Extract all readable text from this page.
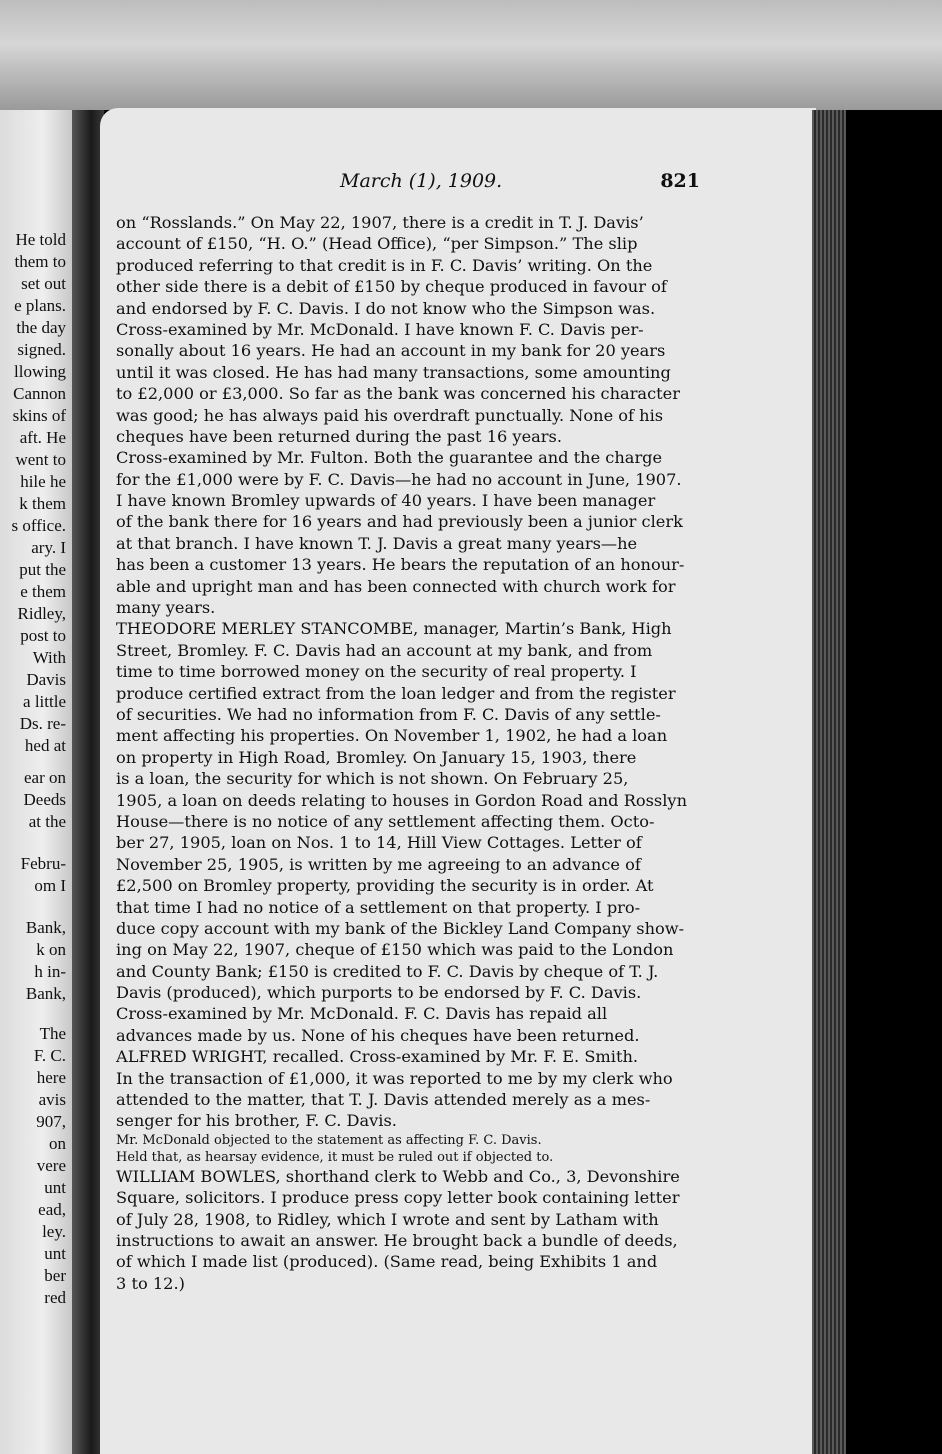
He told
them to
set out
e plans.
the day
signed.
llowing
Cannon
skins of
aft. He
went to
hile he
k them
s office.
ary. I
put the
e them
Ridley,
post to
With
Davis
a little
Ds. re-
hed at
ear on
Deeds
at the
Febru-
om I
Bank,
k on
h in-
Bank,
The
F. C.
here
avis
907,
on
vere
unt
ead,
ley.
unt
ber
red
March (1), 1909.	821
on “Rosslands.” On May 22, 1907, there is a credit in T. J. Davis’
account of £150, “H. O.” (Head Office), “per Simpson.” The slip
produced referring to that credit is in F. C. Davis’ writing. On the
other side there is a debit of £150 by cheque produced in favour of
and endorsed by F. C. Davis. I do not know who the Simpson was.
Cross-examined by Mr. McDonald. I have known F. C. Davis per-
sonally about 16 years. He had an account in my bank for 20 years
until it was closed. He has had many transactions, some amounting
to £2,000 or £3,000. So far as the bank was concerned his character
was good; he has always paid his overdraft punctually. None of his
cheques have been returned during the past 16 years.
Cross-examined by Mr. Fulton. Both the guarantee and the charge
for the £1,000 were by F. C. Davis—he had no account in June, 1907.
I have known Bromley upwards of 40 years. I have been manager
of the bank there for 16 years and had previously been a junior clerk
at that branch. I have known T. J. Davis a great many years—he
has been a customer 13 years. He bears the reputation of an honour-
able and upright man and has been connected with church work for
many years.
THEODORE MERLEY STANCOMBE, manager, Martin’s Bank, High
Street, Bromley. F. C. Davis had an account at my bank, and from
time to time borrowed money on the security of real property. I
produce certified extract from the loan ledger and from the register
of securities. We had no information from F. C. Davis of any settle-
ment affecting his properties. On November 1, 1902, he had a loan
on property in High Road, Bromley. On January 15, 1903, there
is a loan, the security for which is not shown. On February 25,
1905, a loan on deeds relating to houses in Gordon Road and Rosslyn
House—there is no notice of any settlement affecting them. Octo-
ber 27, 1905, loan on Nos. 1 to 14, Hill View Cottages. Letter of
November 25, 1905, is written by me agreeing to an advance of
£2,500 on Bromley property, providing the security is in order. At
that time I had no notice of a settlement on that property. I pro-
duce copy account with my bank of the Bickley Land Company show-
ing on May 22, 1907, cheque of £150 which was paid to the London
and County Bank; £150 is credited to F. C. Davis by cheque of T. J.
Davis (produced), which purports to be endorsed by F. C. Davis.
Cross-examined by Mr. McDonald. F. C. Davis has repaid all
advances made by us. None of his cheques have been returned.
ALFRED WRIGHT, recalled. Cross-examined by Mr. F. E. Smith.
In the transaction of £1,000, it was reported to me by my clerk who
attended to the matter, that T. J. Davis attended merely as a mes-
senger for his brother, F. C. Davis.
Mr. McDonald objected to the statement as affecting F. C. Davis.
Held that, as hearsay evidence, it must be ruled out if objected to.
WILLIAM BOWLES, shorthand clerk to Webb and Co., 3, Devonshire
Square, solicitors. I produce press copy letter book containing letter
of July 28, 1908, to Ridley, which I wrote and sent by Latham with
instructions to await an answer. He brought back a bundle of deeds,
of which I made list (produced). (Same read, being Exhibits 1 and
3 to 12.)
